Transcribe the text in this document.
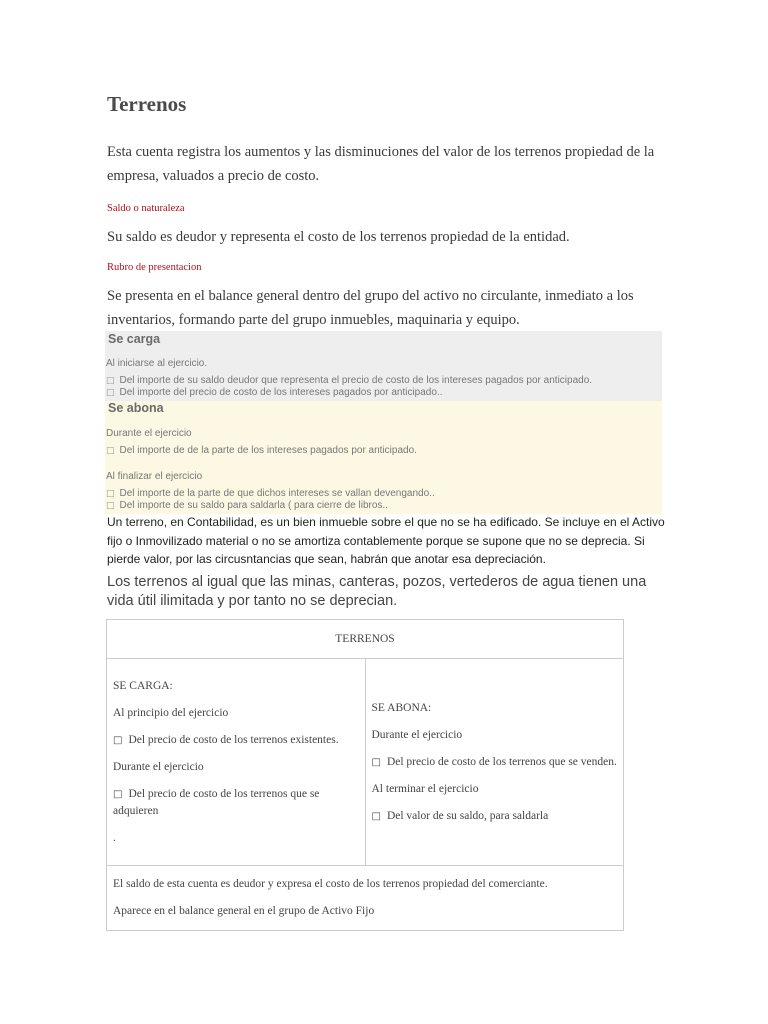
Terrenos

Esta cuenta registra los aumentos y las disminuciones del valor de los terrenos propiedad de la empresa, valuados a precio de costo.

Saldo o naturaleza

Su saldo es deudor y representa el costo de los terrenos propiedad de la entidad.

Rubro de presentacion

Se presenta en el balance general dentro del grupo del activo no circulante, inmediato a los inventarios, formando parte del grupo inmuebles, maquinaria y equipo.

Se carga
Al iniciarse al ejercicio.
□ Del importe de su saldo deudor que representa el precio de costo de los intereses pagados por anticipado.
□ Del importe del precio de costo de los intereses pagados por anticipado..
Se abona
Durante el ejercicio
□ Del importe de de la parte de los intereses pagados por anticipado.
Al finalizar el ejercicio
□ Del importe de la parte de que dichos intereses se vallan devengando..
□ Del importe de su saldo para saldarla ( para cierre de libros..

Un terreno, en Contabilidad, es un bien inmueble sobre el que no se ha edificado. Se incluye en el Activo fijo o Inmovilizado material o no se amortiza contablemente porque se supone que no se deprecia. Si pierde valor, por las circusntancias que sean, habrán que anotar esa depreciación.

Los terrenos al igual que las minas, canteras, pozos, vertederos de agua tienen una vida útil ilimitada y por tanto no se deprecian.

TERRENOS

SE CARGA:

Al principio del ejercicio

□ Del precio de costo de los terrenos existentes.

Durante el ejercicio

□ Del precio de costo de los terrenos que se adquieren

.

SE ABONA:

Durante el ejercicio

□ Del precio de costo de los terrenos que se venden.

Al terminar el ejercicio

□ Del valor de su saldo, para saldarla

El saldo de esta cuenta es deudor y expresa el costo de los terrenos propiedad del comerciante.

Aparece en el balance general en el grupo de Activo Fijo
